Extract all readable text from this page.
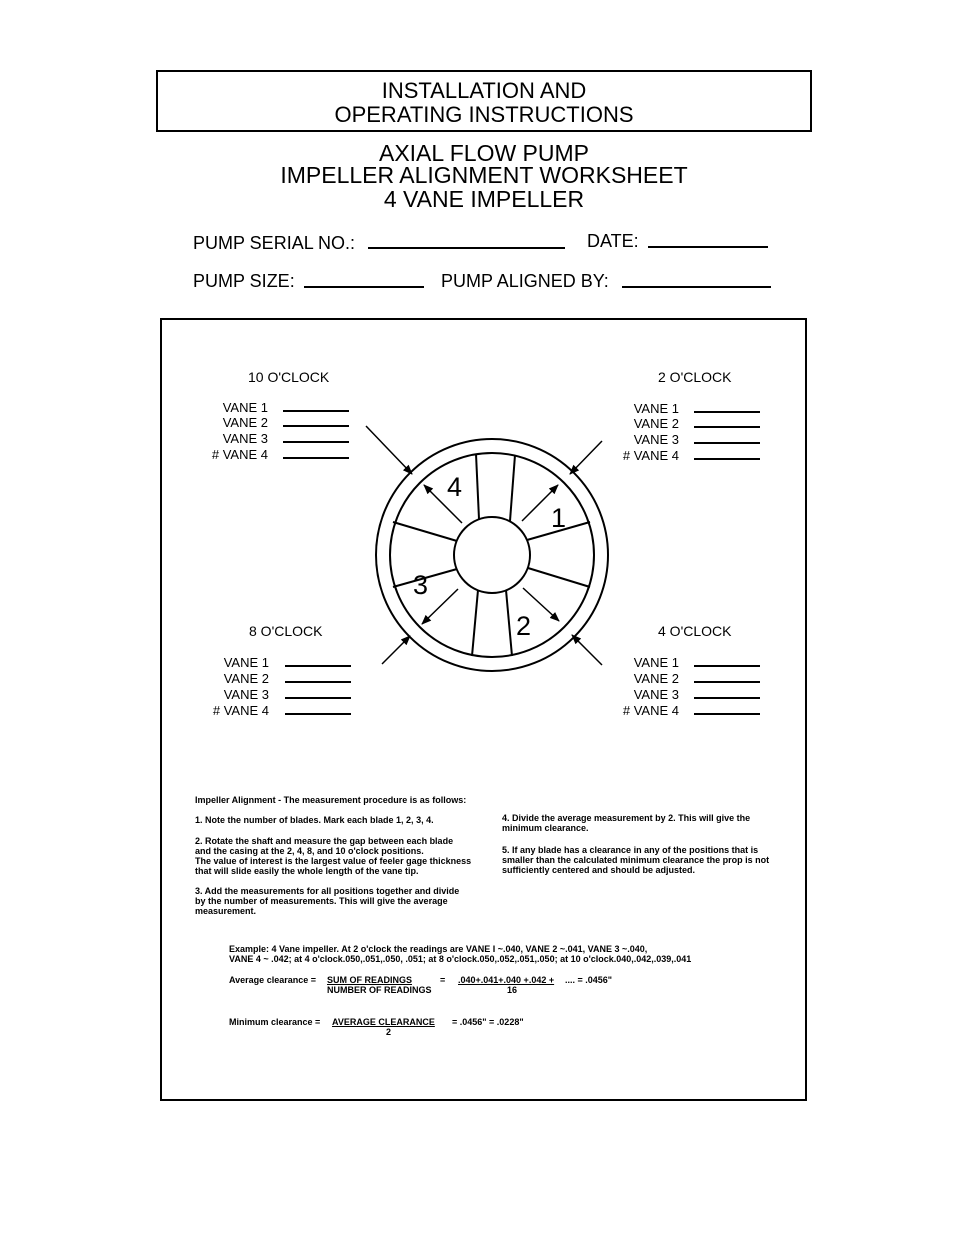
INSTALLATION AND
OPERATING INSTRUCTIONS
AXIAL FLOW PUMP
IMPELLER ALIGNMENT WORKSHEET
4 VANE IMPELLER
PUMP SERIAL NO.:	DATE:
PUMP SIZE:	PUMP ALIGNED BY:
10 O'CLOCK
VANE 1
VANE 2
VANE 3
# VANE 4
2 O'CLOCK
VANE 1
VANE 2
VANE 3
# VANE 4
8 O'CLOCK
VANE 1
VANE 2
VANE 3
# VANE 4
4 O'CLOCK
VANE 1
VANE 2
VANE 3
# VANE 4
4
1
3
2
Impeller Alignment - The measurement procedure is as follows:
1. Note the number of blades. Mark each blade 1, 2, 3, 4.
2. Rotate the shaft and measure the gap between each blade
and the casing at the 2, 4, 8, and 10 o'clock positions.
The value of interest is the largest value of feeler gage thickness
that will slide easily the whole length of the vane tip.
3. Add the measurements for all positions together and divide
by the number of measurements. This will give the average
measurement.
4. Divide the average measurement by 2. This will give the
minimum clearance.
5. If any blade has a clearance in any of the positions that is
smaller than the calculated minimum clearance the prop is not
sufficiently centered and should be adjusted.
Example: 4 Vane impeller. At 2 o'clock the readings are VANE I ~.040, VANE 2 ~.041, VANE 3 ~.040,
VANE 4 ~ .042; at 4 o'clock.050,.051,.050, .051; at 8 o'clock.050,.052,.051,.050; at 10 o'clock.040,.042,.039,.041
Average clearance = SUM OF READINGS
NUMBER OF READINGS
= .040+.041+.040 +.042 + .... = .0456"
16
Minimum clearance = AVERAGE CLEARANCE
2
= .0456" = .0228"
